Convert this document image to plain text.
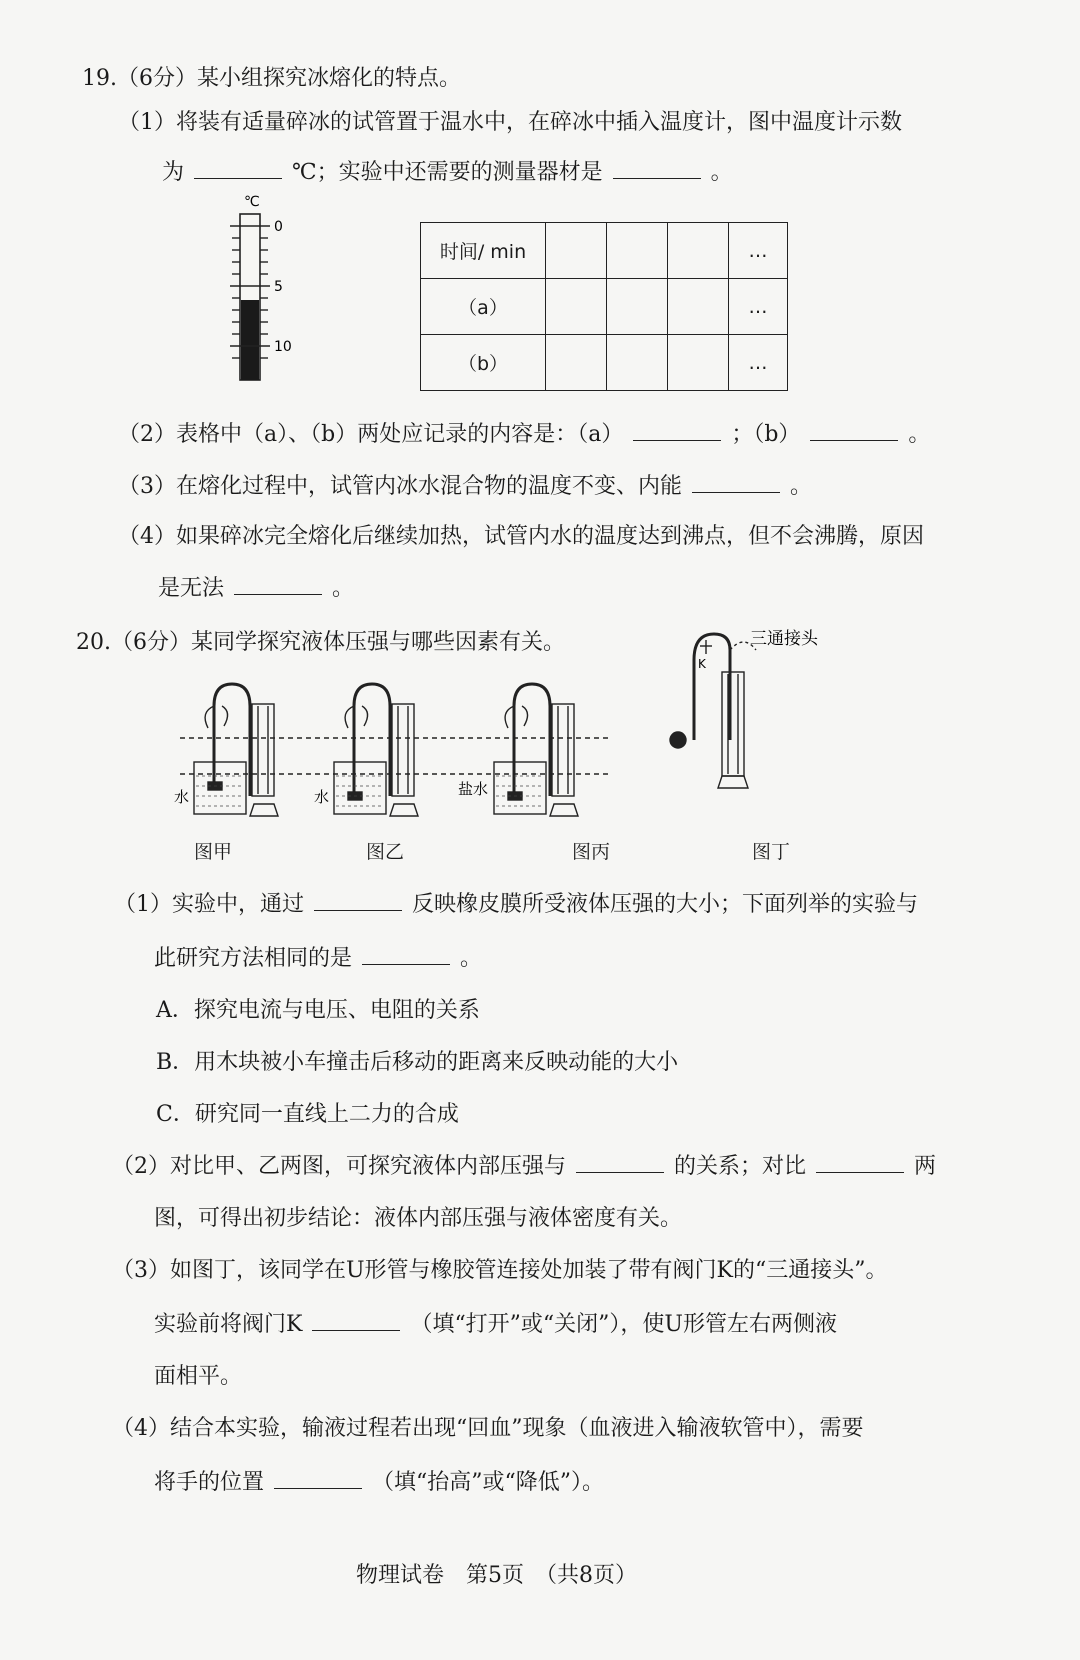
19.（6分）某小组探究冰熔化的特点。
（1）将装有适量碎冰的试管置于温水中，在碎冰中插入温度计，图中温度计示数
为	℃；实验中还需要的测量器材是	。
℃
0
5
10
时间/ min				…
（a）				…
（b）				…
（2）表格中（a）、（b）两处应记录的内容是：（a）	；（b）	。
（3）在熔化过程中，试管内冰水混合物的温度不变、内能	。
（4）如果碎冰完全熔化后继续加热，试管内水的温度达到沸点，但不会沸腾，原因
是无法	。
20.（6分）某同学探究液体压强与哪些因素有关。
水	水	盐水
K
三通接头
图甲	图乙	图丙	图丁
（1）实验中，通过	反映橡皮膜所受液体压强的大小；下面列举的实验与
此研究方法相同的是	。
A．探究电流与电压、电阻的关系
B．用木块被小车撞击后移动的距离来反映动能的大小
C．研究同一直线上二力的合成
（2）对比甲、乙两图，可探究液体内部压强与	的关系；对比	两
图，可得出初步结论：液体内部压强与液体密度有关。
（3）如图丁，该同学在U形管与橡胶管连接处加装了带有阀门K的“三通接头”。
实验前将阀门K	（填“打开”或“关闭”），使U形管左右两侧液
面相平。
（4）结合本实验，输液过程若出现“回血”现象（血液进入输液软管中），需要
将手的位置	（填“抬高”或“降低”）。
物理试卷　第5页　（共8页）
